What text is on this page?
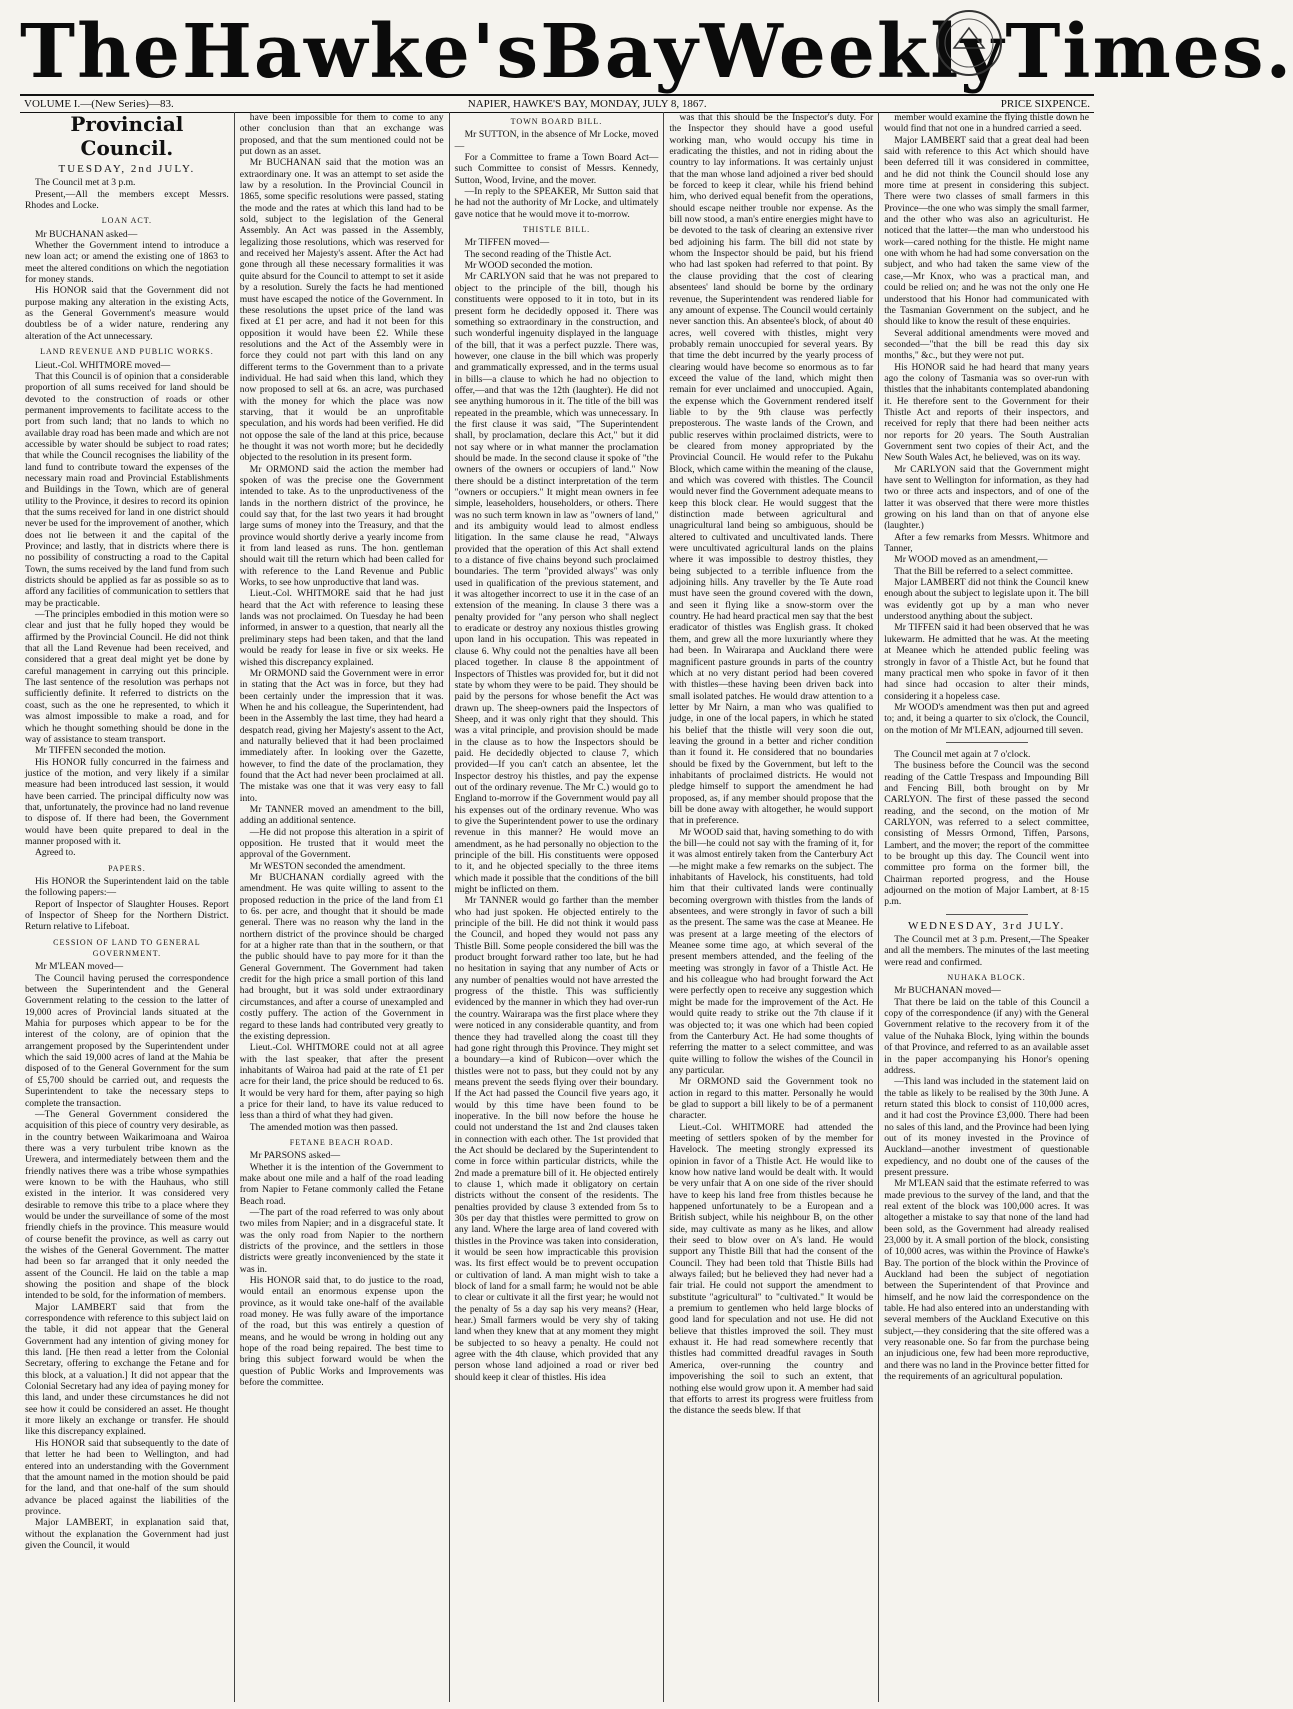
The Hawke's Bay Weekly Times.
VOLUME I.—(New Series)—83.	NAPIER, HAWKE'S BAY, MONDAY, JULY 8, 1867.	PRICE SIXPENCE.
Provincial Council.
TUESDAY, 2nd JULY.

The Council met at 3 p.m.

Present,—All the members except Messrs. Rhodes and Locke.

LOAN ACT.

Mr BUCHANAN asked—

Whether the Government intend to introduce a new loan act; or amend the existing one of 1863 to meet the altered conditions on which the negotiation for money stands.

His HONOR said that the Government did not purpose making any alteration in the existing Acts, as the General Government's measure would doubtless be of a wider nature, rendering any alteration of the Act unnecessary.

LAND REVENUE AND PUBLIC WORKS.

Lieut.-Col. WHITMORE moved—

That this Council is of opinion that a considerable proportion of all sums received for land should be devoted to the construction of roads or other permanent improvements to facilitate access to the port from such land; that no lands to which no available dray road has been made and which are not accessible by water should be subject to road rates; that while the Council recognises the liability of the land fund to contribute toward the expenses of the necessary main road and Provincial Establishments and Buildings in the Town, which are of general utility to the Province, it desires to record its opinion that the sums received for land in one district should never be used for the improvement of another, which does not lie between it and the capital of the Province; and lastly, that in districts where there is no possibility of constructing a road to the Capital Town, the sums received by the land fund from such districts should be applied as far as possible so as to afford any facilities of communication to settlers that may be practicable.

—The principles embodied in this motion were so clear and just that he fully hoped they would be affirmed by the Provincial Council. He did not think that all the Land Revenue had been received, and considered that a great deal might yet be done by careful management in carrying out this principle. The last sentence of the resolution was perhaps not sufficiently definite. It referred to districts on the coast, such as the one he represented, to which it was almost impossible to make a road, and for which he thought something should be done in the way of assistance to steam transport.

Mr TIFFEN seconded the motion.

His HONOR fully concurred in the fairness and justice of the motion, and very likely if a similar measure had been introduced last session, it would have been carried. The principal difficulty now was that, unfortunately, the province had no land revenue to dispose of. If there had been, the Government would have been quite prepared to deal in the manner proposed with it.

Agreed to.

PAPERS.

His HONOR the Superintendent laid on the table the following papers:—

Report of Inspector of Slaughter Houses. Report of Inspector of Sheep for the Northern District. Return relative to Lifeboat.

CESSION OF LAND TO GENERAL GOVERNMENT.

Mr M'LEAN moved—

The Council having perused the correspondence between the Superintendent and the General Government relating to the cession to the latter of 19,000 acres of Provincial lands situated at the Mahia for purposes which appear to be for the interest of the colony, are of opinion that the arrangement proposed by the Superintendent under which the said 19,000 acres of land at the Mahia be disposed of to the General Government for the sum of £5,700 should be carried out, and requests the Superintendent to take the necessary steps to complete the transaction.

—The General Government considered the acquisition of this piece of country very desirable, as in the country between Waikarimoana and Wairoa there was a very turbulent tribe known as the Urewera, and intermediately between them and the friendly natives there was a tribe whose sympathies were known to be with the Hauhaus, who still existed in the interior. It was considered very desirable to remove this tribe to a place where they would be under the surveillance of some of the most friendly chiefs in the province. This measure would of course benefit the province, as well as carry out the wishes of the General Government. The matter had been so far arranged that it only needed the assent of the Council. He laid on the table a map showing the position and shape of the block intended to be sold, for the information of members.

Major LAMBERT said that from the correspondence with reference to this subject laid on the table, it did not appear that the General Government had any intention of giving money for this land. [He then read a letter from the Colonial Secretary, offering to exchange the Fetane and for this block, at a valuation.] It did not appear that the Colonial Secretary had any idea of paying money for this land, and under these circumstances he did not see how it could be considered an asset. He thought it more likely an exchange or transfer. He should like this discrepancy explained.

His HONOR said that subsequently to the date of that letter he had been to Wellington, and had entered into an understanding with the Government that the amount named in the motion should be paid for the land, and that one-half of the sum should advance be placed against the liabilities of the province.

Major LAMBERT, in explanation said that, without the explanation the Government had just given the Council, it would

have been impossible for them to come to any other conclusion than that an exchange was proposed, and that the sum mentioned could not be put down as an asset.

Mr BUCHANAN said that the motion was an extraordinary one. It was an attempt to set aside the law by a resolution. In the Provincial Council in 1865, some specific resolutions were passed, stating the mode and the rates at which this land had to be sold, subject to the legislation of the General Assembly. An Act was passed in the Assembly, legalizing those resolutions, which was reserved for and received her Majesty's assent. After the Act had gone through all these necessary formalities it was quite absurd for the Council to attempt to set it aside by a resolution. Surely the facts he had mentioned must have escaped the notice of the Government. In these resolutions the upset price of the land was fixed at £1 per acre, and had it not been for this opposition it would have been £2. While these resolutions and the Act of the Assembly were in force they could not part with this land on any different terms to the Government than to a private individual. He had said when this land, which they now proposed to sell at 6s. an acre, was purchased with the money for which the place was now starving, that it would be an unprofitable speculation, and his words had been verified. He did not oppose the sale of the land at this price, because he thought it was not worth more; but he decidedly objected to the resolution in its present form.

Mr ORMOND said the action the member had spoken of was the precise one the Government intended to take. As to the unproductiveness of the lands in the northern district of the province, he could say that, for the last two years it had brought large sums of money into the Treasury, and that the province would shortly derive a yearly income from it from land leased as runs. The hon. gentleman should wait till the return which had been called for with reference to the Land Revenue and Public Works, to see how unproductive that land was.

Lieut.-Col. WHITMORE said that he had just heard that the Act with reference to leasing these lands was not proclaimed. On Tuesday he had been informed, in answer to a question, that nearly all the preliminary steps had been taken, and that the land would be ready for lease in five or six weeks. He wished this discrepancy explained.

Mr ORMOND said the Government were in error in stating that the Act was in force, but they had been certainly under the impression that it was. When he and his colleague, the Superintendent, had been in the Assembly the last time, they had heard a despatch read, giving her Majesty's assent to the Act, and naturally believed that it had been proclaimed immediately after. In looking over the Gazette, however, to find the date of the proclamation, they found that the Act had never been proclaimed at all. The mistake was one that it was very easy to fall into.

Mr TANNER moved an amendment to the bill, adding an additional sentence.

—He did not propose this alteration in a spirit of opposition. He trusted that it would meet the approval of the Government.

Mr WESTON seconded the amendment.

Mr BUCHANAN cordially agreed with the amendment. He was quite willing to assent to the proposed reduction in the price of the land from £1 to 6s. per acre, and thought that it should be made general. There was no reason why the land in the northern district of the province should be charged for at a higher rate than that in the southern, or that the public should have to pay more for it than the General Government. The Government had taken credit for the high price a small portion of this land had brought, but it was sold under extraordinary circumstances, and after a course of unexampled and costly puffery. The action of the Government in regard to these lands had contributed very greatly to the existing depression.

Lieut.-Col. WHITMORE could not at all agree with the last speaker, that after the present inhabitants of Wairoa had paid at the rate of £1 per acre for their land, the price should be reduced to 6s. It would be very hard for them, after paying so high a price for their land, to have its value reduced to less than a third of what they had given.

The amended motion was then passed.

FETANE BEACH ROAD.

Mr PARSONS asked—

Whether it is the intention of the Government to make about one mile and a half of the road leading from Napier to Fetane commonly called the Fetane Beach road.

—The part of the road referred to was only about two miles from Napier; and in a disgraceful state. It was the only road from Napier to the northern districts of the province, and the settlers in those districts were greatly inconvenienced by the state it was in.

His HONOR said that, to do justice to the road, would entail an enormous expense upon the province, as it would take one-half of the available road money. He was fully aware of the importance of the road, but this was entirely a question of means, and he would be wrong in holding out any hope of the road being repaired. The best time to bring this subject forward would be when the question of Public Works and Improvements was before the committee.

TOWN BOARD BILL.

Mr SUTTON, in the absence of Mr Locke, moved—

For a Committee to frame a Town Board Act—such Committee to consist of Messrs. Kennedy, Sutton, Wood, Irvine, and the mover.

—In reply to the SPEAKER, Mr Sutton said that he had not the authority of Mr Locke, and ultimately gave notice that he would move it to-morrow.

THISTLE BILL.

Mr TIFFEN moved—

The second reading of the Thistle Act.

Mr WOOD seconded the motion.

Mr CARLYON said that he was not prepared to object to the principle of the bill, though his constituents were opposed to it in toto, but in its present form he decidedly opposed it. There was something so extraordinary in the construction, and such wonderful ingenuity displayed in the language of the bill, that it was a perfect puzzle. There was, however, one clause in the bill which was properly and grammatically expressed, and in the terms usual in bills—a clause to which he had no objection to offer,—and that was the 12th (laughter). He did not see anything humorous in it. The title of the bill was repeated in the preamble, which was unnecessary. In the first clause it was said, "The Superintendent shall, by proclamation, declare this Act," but it did not say where or in what manner the proclamation should be made. In the second clause it spoke of "the owners of the owners or occupiers of land." Now there should be a distinct interpretation of the term "owners or occupiers." It might mean owners in fee simple, leaseholders, householders, or others. There was no such term known in law as "owners of land," and its ambiguity would lead to almost endless litigation. In the same clause he read, "Always provided that the operation of this Act shall extend to a distance of five chains beyond such proclaimed boundaries. The term "provided always" was only used in qualification of the previous statement, and it was altogether incorrect to use it in the case of an extension of the meaning. In clause 3 there was a penalty provided for "any person who shall neglect to eradicate or destroy any noxious thistles growing upon land in his occupation. This was repeated in clause 6. Why could not the penalties have all been placed together. In clause 8 the appointment of Inspectors of Thistles was provided for, but it did not state by whom they were to be paid. They should be paid by the persons for whose benefit the Act was drawn up. The sheep-owners paid the Inspectors of Sheep, and it was only right that they should. This was a vital principle, and provision should be made in the clause as to how the Inspectors should be paid. He decidedly objected to clause 7, which provided—If you can't catch an absentee, let the Inspector destroy his thistles, and pay the expense out of the ordinary revenue. The Mr C.) would go to England to-morrow if the Government would pay all his expenses out of the ordinary revenue. Who was to give the Superintendent power to use the ordinary revenue in this manner? He would move an amendment, as he had personally no objection to the principle of the bill. His constituents were opposed to it, and he objected specially to the three items which made it possible that the conditions of the bill might be inflicted on them.

Mr TANNER would go farther than the member who had just spoken. He objected entirely to the principle of the bill. He did not think it would pass the Council, and hoped they would not pass any Thistle Bill. Some people considered the bill was the product brought forward rather too late, but he had no hesitation in saying that any number of Acts or any number of penalties would not have arrested the progress of the thistle. This was sufficiently evidenced by the manner in which they had over-run the country. Wairarapa was the first place where they were noticed in any considerable quantity, and from thence they had travelled along the coast till they had gone right through this Province. They might set a boundary—a kind of Rubicon—over which the thistles were not to pass, but they could not by any means prevent the seeds flying over their boundary. If the Act had passed the Council five years ago, it would by this time have been found to be inoperative. In the bill now before the house he could not understand the 1st and 2nd clauses taken in connection with each other. The 1st provided that the Act should be declared by the Superintendent to come in force within particular districts, while the 2nd made a premature bill of it. He objected entirely to clause 1, which made it obligatory on certain districts without the consent of the residents. The penalties provided by clause 3 extended from 5s to 30s per day that thistles were permitted to grow on any land. Where the large area of land covered with thistles in the Province was taken into consideration, it would be seen how impracticable this provision was. Its first effect would be to prevent occupation or cultivation of land. A man might wish to take a block of land for a small farm; he would not be able to clear or cultivate it all the first year; he would not the penalty of 5s a day sap his very means? (Hear, hear.) Small farmers would be very shy of taking land when they knew that at any moment they might be subjected to so heavy a penalty. He could not agree with the 4th clause, which provided that any person whose land adjoined a road or river bed should keep it clear of thistles. His idea

was that this should be the Inspector's duty. For the Inspector they should have a good useful working man, who would occupy his time in eradicating the thistles, and not in riding about the country to lay informations. It was certainly unjust that the man whose land adjoined a river bed should be forced to keep it clear, while his friend behind him, who derived equal benefit from the operations, should escape neither trouble nor expense. As the bill now stood, a man's entire energies might have to be devoted to the task of clearing an extensive river bed adjoining his farm. The bill did not state by whom the Inspector should be paid, but his friend who had last spoken had referred to that point. By the clause providing that the cost of clearing absentees' land should be borne by the ordinary revenue, the Superintendent was rendered liable for any amount of expense. The Council would certainly never sanction this. An absentee's block, of about 40 acres, well covered with thistles, might very probably remain unoccupied for several years. By that time the debt incurred by the yearly process of clearing would have become so enormous as to far exceed the value of the land, which might then remain for ever unclaimed and unoccupied. Again, the expense which the Government rendered itself liable to by the 9th clause was perfectly preposterous. The waste lands of the Crown, and public reserves within proclaimed districts, were to be cleared from money appropriated by the Provincial Council. He would refer to the Pukahu Block, which came within the meaning of the clause, and which was covered with thistles. The Council would never find the Government adequate means to keep this block clear. He would suggest that the distinction made between agricultural and unagricultural land being so ambiguous, should be altered to cultivated and uncultivated lands. There were uncultivated agricultural lands on the plains where it was impossible to destroy thistles, they being subjected to a terrible influence from the adjoining hills. Any traveller by the Te Aute road must have seen the ground covered with the down, and seen it flying like a snow-storm over the country. He had heard practical men say that the best eradicator of thistles was English grass. It choked them, and grew all the more luxuriantly where they had been. In Wairarapa and Auckland there were magnificent pasture grounds in parts of the country which at no very distant period had been covered with thistles—these having been driven back into small isolated patches. He would draw attention to a letter by Mr Nairn, a man who was qualified to judge, in one of the local papers, in which he stated his belief that the thistle will very soon die out, leaving the ground in a better and richer condition than it found it. He considered that no boundaries should be fixed by the Government, but left to the inhabitants of proclaimed districts. He would not pledge himself to support the amendment he had proposed, as, if any member should propose that the bill be done away with altogether, he would support that in preference.

Mr WOOD said that, having something to do with the bill—he could not say with the framing of it, for it was almost entirely taken from the Canterbury Act—he might make a few remarks on the subject. The inhabitants of Havelock, his constituents, had told him that their cultivated lands were continually becoming overgrown with thistles from the lands of absentees, and were strongly in favor of such a bill as the present. The same was the case at Meanee. He was present at a large meeting of the electors of Meanee some time ago, at which several of the present members attended, and the feeling of the meeting was strongly in favor of a Thistle Act. He and his colleague who had brought forward the Act were perfectly open to receive any suggestion which might be made for the improvement of the Act. He would quite ready to strike out the 7th clause if it was objected to; it was one which had been copied from the Canterbury Act. He had some thoughts of referring the matter to a select committee, and was quite willing to follow the wishes of the Council in any particular.

Mr ORMOND said the Government took no action in regard to this matter. Personally he would be glad to support a bill likely to be of a permanent character.

Lieut.-Col. WHITMORE had attended the meeting of settlers spoken of by the member for Havelock. The meeting strongly expressed its opinion in favor of a Thistle Act. He would like to know how native land would be dealt with. It would be very unfair that A on one side of the river should have to keep his land free from thistles because he happened unfortunately to be a European and a British subject, while his neighbour B, on the other side, may cultivate as many as he likes, and allow their seed to blow over on A's land. He would support any Thistle Bill that had the consent of the Council. They had been told that Thistle Bills had always failed; but he believed they had never had a fair trial. He could not support the amendment to substitute "agricultural" to "cultivated." It would be a premium to gentlemen who held large blocks of good land for speculation and not use. He did not believe that thistles improved the soil. They must exhaust it. He had read somewhere recently that thistles had committed dreadful ravages in South America, over-running the country and impoverishing the soil to such an extent, that nothing else would grow upon it. A member had said that efforts to arrest its progress were fruitless from the distance the seeds blew. If that

member would examine the flying thistle down he would find that not one in a hundred carried a seed.

Major LAMBERT said that a great deal had been said with reference to this Act which should have been deferred till it was considered in committee, and he did not think the Council should lose any more time at present in considering this subject. There were two classes of small farmers in this Province—the one who was simply the small farmer, and the other who was also an agriculturist. He noticed that the latter—the man who understood his work—cared nothing for the thistle. He might name one with whom he had had some conversation on the subject, and who had taken the same view of the case,—Mr Knox, who was a practical man, and could be relied on; and he was not the only one He understood that his Honor had communicated with the Tasmanian Government on the subject, and he should like to know the result of these enquiries.

Several additional amendments were moved and seconded—"that the bill be read this day six months," &c., but they were not put.

His HONOR said he had heard that many years ago the colony of Tasmania was so over-run with thistles that the inhabitants contemplated abandoning it. He therefore sent to the Government for their Thistle Act and reports of their inspectors, and received for reply that there had been neither acts nor reports for 20 years. The South Australian Government sent two copies of their Act, and the New South Wales Act, he believed, was on its way.

Mr CARLYON said that the Government might have sent to Wellington for information, as they had two or three acts and inspectors, and of one of the latter it was observed that there were more thistles growing on his land than on that of anyone else (laughter.)

After a few remarks from Messrs. Whitmore and Tanner,

Mr WOOD moved as an amendment,—

That the Bill be referred to a select committee.

Major LAMBERT did not think the Council knew enough about the subject to legislate upon it. The bill was evidently got up by a man who never understood anything about the subject.

Mr TIFFEN said it had been observed that he was lukewarm. He admitted that he was. At the meeting at Meanee which he attended public feeling was strongly in favor of a Thistle Act, but he found that many practical men who spoke in favor of it then had since had occasion to alter their minds, considering it a hopeless case.

Mr WOOD's amendment was then put and agreed to; and, it being a quarter to six o'clock, the Council, on the motion of Mr M'LEAN, adjourned till seven.

The Council met again at 7 o'clock.

The business before the Council was the second reading of the Cattle Trespass and Impounding Bill and Fencing Bill, both brought on by Mr CARLYON. The first of these passed the second reading, and the second, on the motion of Mr CARLYON, was referred to a select committee, consisting of Messrs Ormond, Tiffen, Parsons, Lambert, and the mover; the report of the committee to be brought up this day. The Council went into committee pro forma on the former bill, the Chairman reported progress, and the House adjourned on the motion of Major Lambert, at 8·15 p.m.

WEDNESDAY, 3rd JULY.

The Council met at 3 p.m. Present,—The Speaker and all the members. The minutes of the last meeting were read and confirmed.

NUHAKA BLOCK.

Mr BUCHANAN moved—

That there be laid on the table of this Council a copy of the correspondence (if any) with the General Government relative to the recovery from it of the value of the Nuhaka Block, lying within the bounds of that Province, and referred to as an available asset in the paper accompanying his Honor's opening address.

—This land was included in the statement laid on the table as likely to be realised by the 30th June. A return stated this block to consist of 110,000 acres, and it had cost the Province £3,000. There had been no sales of this land, and the Province had been lying out of its money invested in the Province of Auckland—another investment of questionable expediency, and no doubt one of the causes of the present pressure.

Mr M'LEAN said that the estimate referred to was made previous to the survey of the land, and that the real extent of the block was 100,000 acres. It was altogether a mistake to say that none of the land had been sold, as the Government had already realised 23,000 by it. A small portion of the block, consisting of 10,000 acres, was within the Province of Hawke's Bay. The portion of the block within the Province of Auckland had been the subject of negotiation between the Superintendent of that Province and himself, and he now laid the correspondence on the table. He had also entered into an understanding with several members of the Auckland Executive on this subject,—they considering that the site offered was a very reasonable one. So far from the purchase being an injudicious one, few had been more reproductive, and there was no land in the Province better fitted for the requirements of an agricultural population.
